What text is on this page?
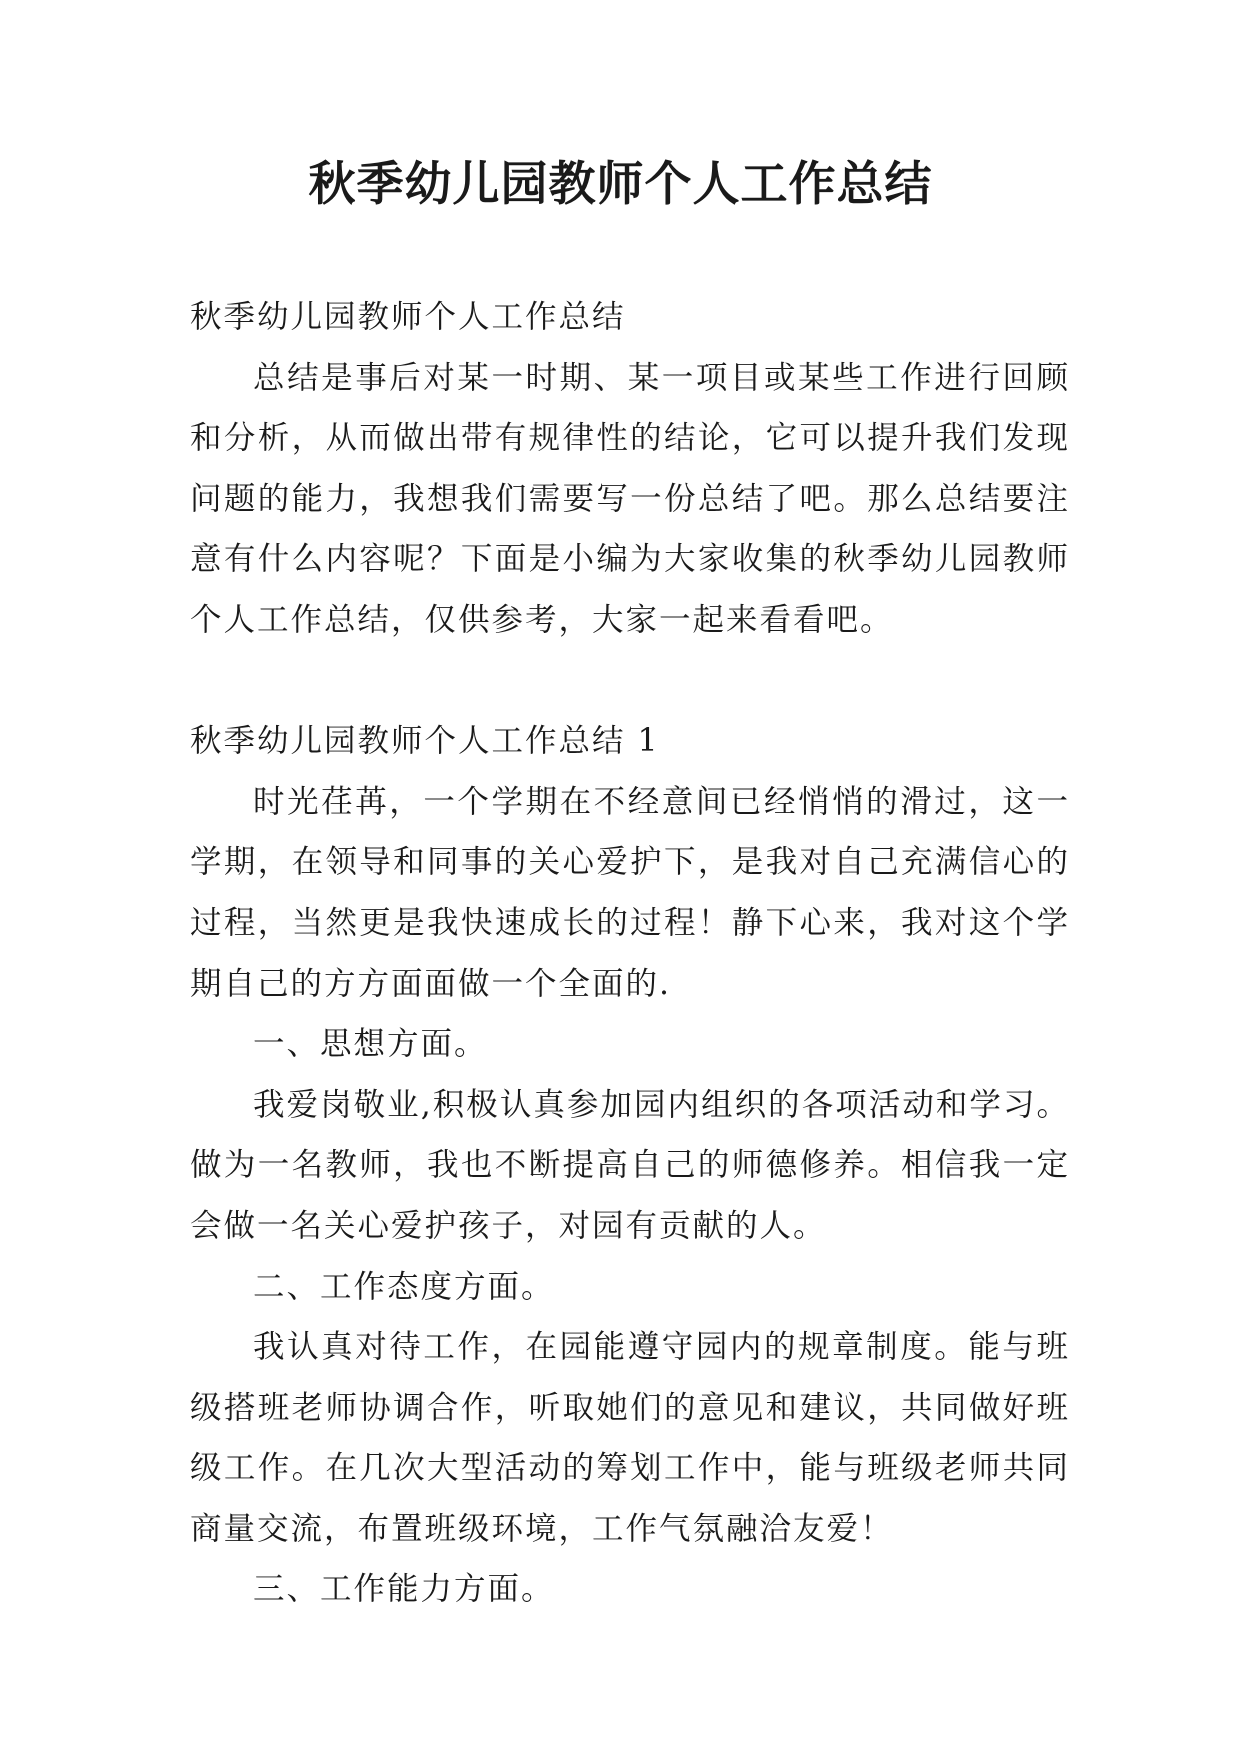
秋季幼儿园教师个人工作总结

秋季幼儿园教师个人工作总结

总结是事后对某一时期、某一项目或某些工作进行回顾和分析，从而做出带有规律性的结论，它可以提升我们发现问题的能力，我想我们需要写一份总结了吧。那么总结要注意有什么内容呢？下面是小编为大家收集的秋季幼儿园教师个人工作总结，仅供参考，大家一起来看看吧。

秋季幼儿园教师个人工作总结 1

时光荏苒，一个学期在不经意间已经悄悄的滑过，这一学期，在领导和同事的关心爱护下，是我对自己充满信心的过程，当然更是我快速成长的过程！静下心来，我对这个学期自己的方方面面做一个全面的.

一、思想方面。

我爱岗敬业,积极认真参加园内组织的各项活动和学习。做为一名教师，我也不断提高自己的师德修养。相信我一定会做一名关心爱护孩子，对园有贡献的人。

二、工作态度方面。

我认真对待工作，在园能遵守园内的规章制度。能与班级搭班老师协调合作，听取她们的意见和建议，共同做好班级工作。在几次大型活动的筹划工作中，能与班级老师共同商量交流，布置班级环境，工作气氛融洽友爱！

三、工作能力方面。
